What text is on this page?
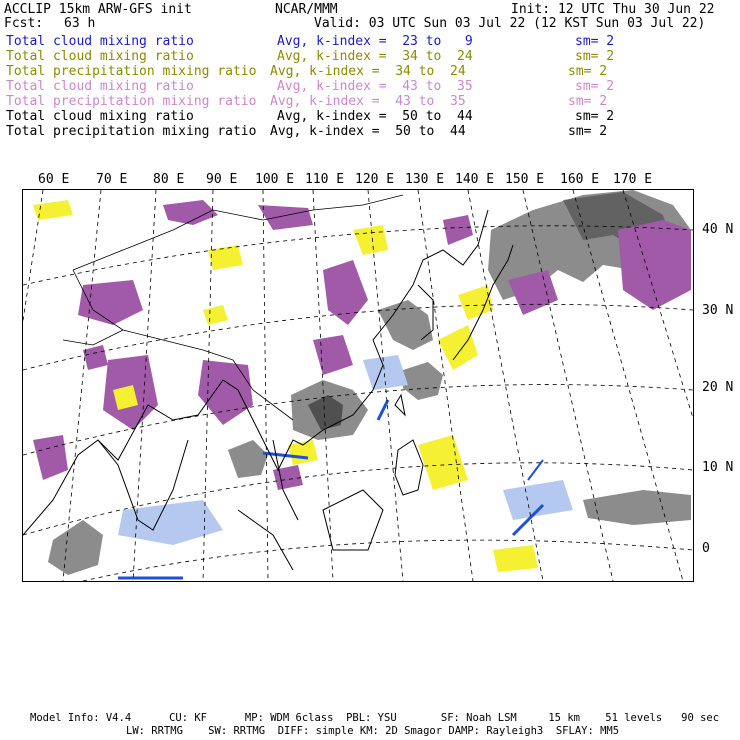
ACCLIP 15km ARW-GFS init	NCAR/MMM	Init: 12 UTC Thu 30 Jun 22
Fcst: 63 h	Valid: 03 UTC Sun 03 Jul 22 (12 KST Sun 03 Jul 22)
Total cloud mixing ratio	Avg, k-index =  23 to   9	sm= 2
Total cloud mixing ratio	Avg, k-index =  34 to  24	sm= 2
Total precipitation mixing ratio Avg, k-index =  34 to  24	sm= 2
Total cloud mixing ratio	Avg, k-index =  43 to  35	sm= 2
Total precipitation mixing ratio Avg, k-index =  43 to  35	sm= 2
Total cloud mixing ratio	Avg, k-index =  50 to  44	sm= 2
Total precipitation mixing ratio Avg, k-index =  50 to  44	sm= 2
60 E 70 E 80 E 90 E 100 E 110 E 120 E 130 E 140 E 150 E 160 E 170 E
40 N
30 N
20 N
10 N
0
Model Info: V4.4      CU: KF      MP: WDM 6class  PBL: YSU       SF: Noah LSM     15 km    51 levels   90 sec
LW: RRTMG    SW: RRTMG  DIFF: simple KM: 2D Smagor DAMP: Rayleigh3  SFLAY: MM5
